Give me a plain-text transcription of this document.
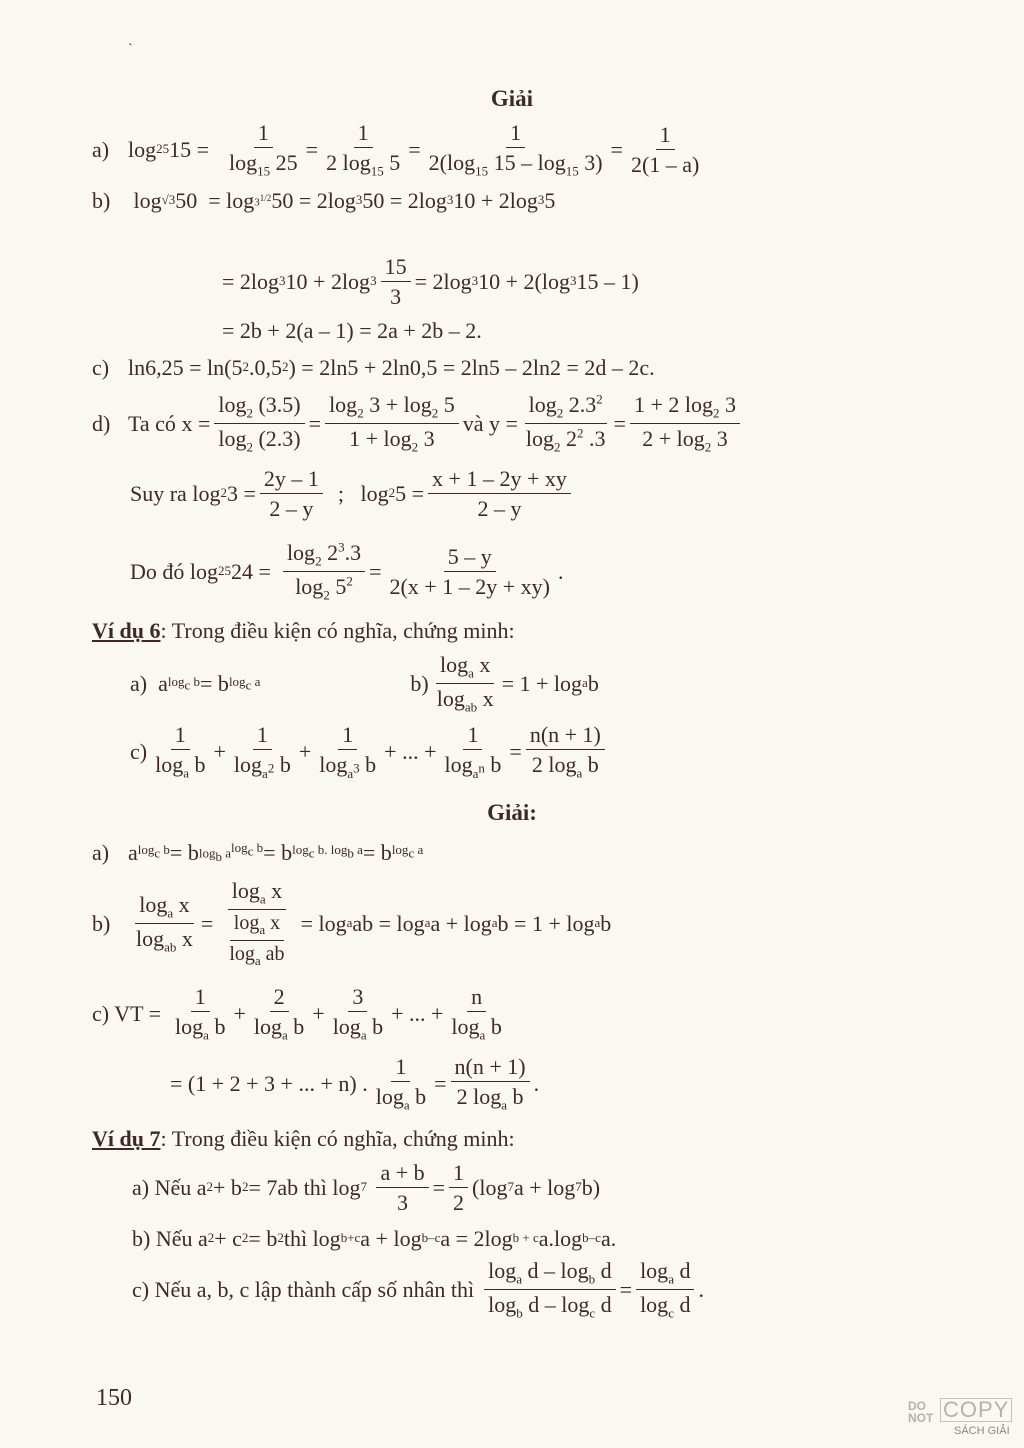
`
Giải
a) log 25 $15 = \frac{1}{\log_{15} 25} = \frac{1}{2 \log_{15} 5} = \frac{1}{2(\log_{15} 15 - \log_{15} 3)} = \frac{1}{2(1 - a)}$
b) log √3 $50 = \log 3^{1/2}$ 50 = 2log 3 50 = 2log 3 10 + 2log 3 5
= 2log 3 10 + 2log $3 \frac{15}{3} = 2\log$ 3 10 + 2(log 3 15 – 1)
= 2b + 2(a – 1) = 2a + 2b – 2.
c) ln6,25 = ln(5 2 .0,5 2 ) = 2ln5 + 2ln0,5 = 2ln5 – 2ln2 = 2d – 2c.
d) Ta có $x = \frac{\log_2 (3.5)}{\log_2 (2.3)} = \frac{\log_2 3 + \log_2 5}{1 + \log_2 3}$ và $y = \frac{\log_2 2.3^2}{\log_2 2^2 .3} = \frac{1 + 2 \log_2 3}{2 + \log_2 3}$
Suy ra log 2 $3 = \frac{2y - 1}{2 - y}$ ;   log 2 $5 = \frac{x + 1 - 2y + xy}{2 - y}$
Do đó log 25 $24 = \frac{\log_2 2^3.3}{\log_2 5^2} = \frac{5 - y}{2(x + 1 - 2y + xy)}$ .
Ví dụ 6 : Trong điều kiện có nghĩa, chứng minh:
a)  a $\log_c b = b$ $\log_c a$	$b) \frac{\log_a x}{\log_{ab} x} = 1 + \log a$ b
$c) \frac{1}{\log_a b} + \frac{1}{\log_{a^2} b} + \frac{1}{\log_{a^3} b}$ + ... + $\frac{1}{\log_{a^n} b} = \frac{n(n + 1)}{2 \log_a b}$
Giải:
a) a $\log_c b = b$ $\log_b a^{log_c b} = b$ $\log_c b$. $\log_b a = b$ $\log_c a$
$b) \frac{\log_a x}{\log_{ab} x} = \frac{\log_a x}{\frac{\log_a x}{\log_a ab}} = \log a$ ab = log a a + log a b = 1 + log a b
c) VT = $\frac{1}{\log_a b} + \frac{2}{\log_a b} + \frac{3}{\log_a b}$ + ... + $\frac{n}{\log_a b}$
= (1 + 2 + 3 + ... + n) . $\frac{1}{\log_a b} = \frac{n(n + 1)}{2 \log_a b}$ .
Ví dụ 7 : Trong điều kiện có nghĩa, chứng minh:
a) Nếu a 2 + b 2 = 7ab thì log 7
$\frac{a + b}{3} = \frac{1}{2} (\log$ 7 a + log 7 b)
b) Nếu a 2 + c 2 = b 2 thì log b+c a + log b–c a = 2log b + c a.log b–c a.
c) Nếu a, b, c lập thành cấp số nhân thì $\frac{\log_a d - \log_b d}{\log_b d - \log_c d} = \frac{\log_a d}{\log_c d}$ .
150	DO NOT COPY
SÁCH GIẢI
